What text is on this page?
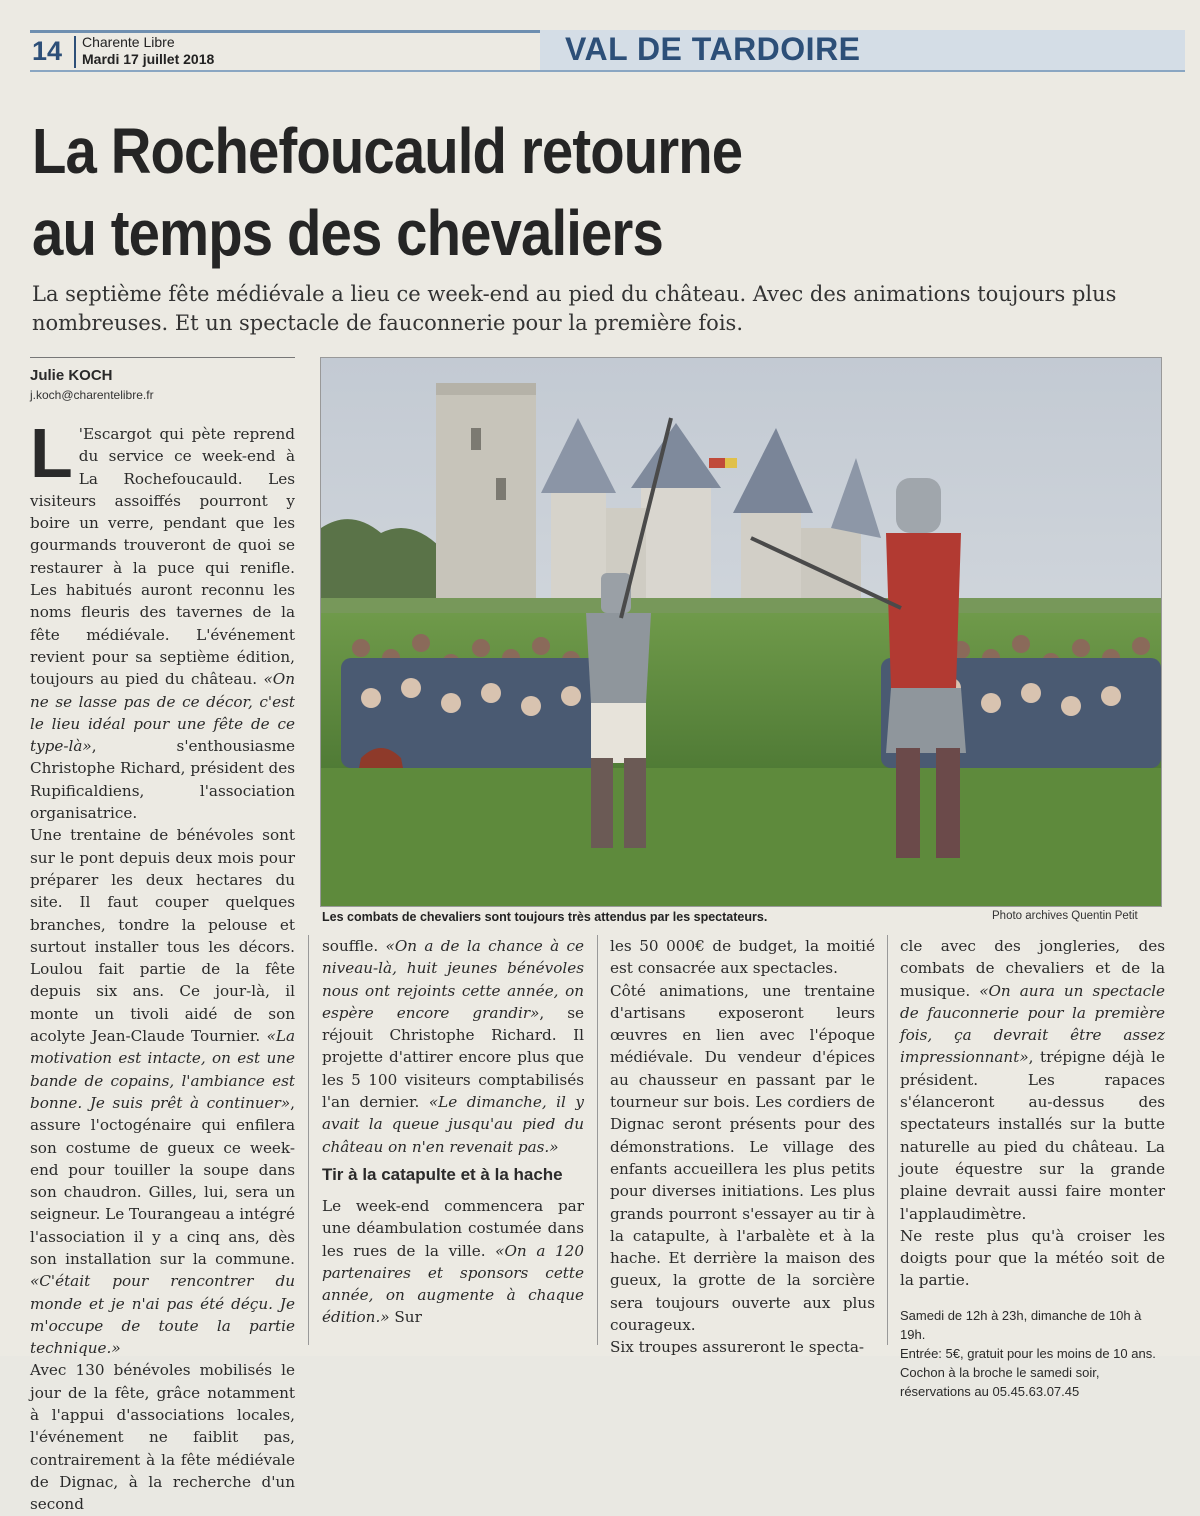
14	Charente Libre
Mardi 17 juillet 2018	VAL DE TARDOIRE
La Rochefoucauld retourne
au temps des chevaliers
La septième fête médiévale a lieu ce week-end au pied du château. Avec des animations toujours plus nombreuses. Et un spectacle de fauconnerie pour la première fois.
Julie KOCH
j.koch@charentelibre.fr
Les combats de chevaliers sont toujours très attendus par les spectateurs.	Photo archives Quentin Petit
L 'Escargot qui pète reprend du service ce week-end à La Rochefoucauld. Les visiteurs assoiffés pourront y boire un verre, pendant que les gourmands trouveront de quoi se restaurer à la puce qui renifle. Les habitués auront reconnu les noms fleuris des tavernes de la fête médiévale. L'événement revient pour sa septième édition, toujours au pied du château. «On ne se lasse pas de ce décor, c'est le lieu idéal pour une fête de ce type-là», s'enthousiasme Christophe Richard, président des Rupificaldiens, l'association organisatrice.

Une trentaine de bénévoles sont sur le pont depuis deux mois pour préparer les deux hectares du site. Il faut couper quelques branches, tondre la pelouse et surtout installer tous les décors. Loulou fait partie de la fête depuis six ans. Ce jour-là, il monte un tivoli aidé de son acolyte Jean-Claude Tournier. «La motivation est intacte, on est une bande de copains, l'ambiance est bonne. Je suis prêt à continuer», assure l'octogénaire qui enfilera son costume de gueux ce week-end pour touiller la soupe dans son chaudron. Gilles, lui, sera un seigneur. Le Tourangeau a intégré l'association il y a cinq ans, dès son installation sur la commune. «C'était pour rencontrer du monde et je n'ai pas été déçu. Je m'occupe de toute la partie technique.»

Avec 130 bénévoles mobilisés le jour de la fête, grâce notamment à l'appui d'associations locales, l'événement ne faiblit pas, contrairement à la fête médiévale de Dignac, à la recherche d'un second

souffle. «On a de la chance à ce niveau-là, huit jeunes bénévoles nous ont rejoints cette année, on espère encore grandir», se réjouit Christophe Richard. Il projette d'attirer encore plus que les 5 100 visiteurs comptabilisés l'an dernier. «Le dimanche, il y avait la queue jusqu'au pied du château on n'en revenait pas.»

Tir à la catapulte et à la hache

Le week-end commencera par une déambulation costumée dans les rues de la ville. «On a 120 partenaires et sponsors cette année, on augmente à chaque édition.» Sur

les 50 000€ de budget, la moitié est consacrée aux spectacles.

Côté animations, une trentaine d'artisans exposeront leurs œuvres en lien avec l'époque médiévale. Du vendeur d'épices au chausseur en passant par le tourneur sur bois. Les cordiers de Dignac seront présents pour des démonstrations. Le village des enfants accueillera les plus petits pour diverses initiations. Les plus grands pourront s'essayer au tir à la catapulte, à l'arbalète et à la hache. Et derrière la maison des gueux, la grotte de la sorcière sera toujours ouverte aux plus courageux.

Six troupes assureront le specta-

cle avec des jongleries, des combats de chevaliers et de la musique. «On aura un spectacle de fauconnerie pour la première fois, ça devrait être assez impressionnant», trépigne déjà le président. Les rapaces s'élanceront au-dessus des spectateurs installés sur la butte naturelle au pied du château. La joute équestre sur la grande plaine devrait aussi faire monter l'applaudimètre.

Ne reste plus qu'à croiser les doigts pour que la météo soit de la partie.

Samedi de 12h à 23h, dimanche de 10h à 19h.
Entrée: 5€, gratuit pour les moins de 10 ans.
Cochon à la broche le samedi soir, réservations au 05.45.63.07.45
